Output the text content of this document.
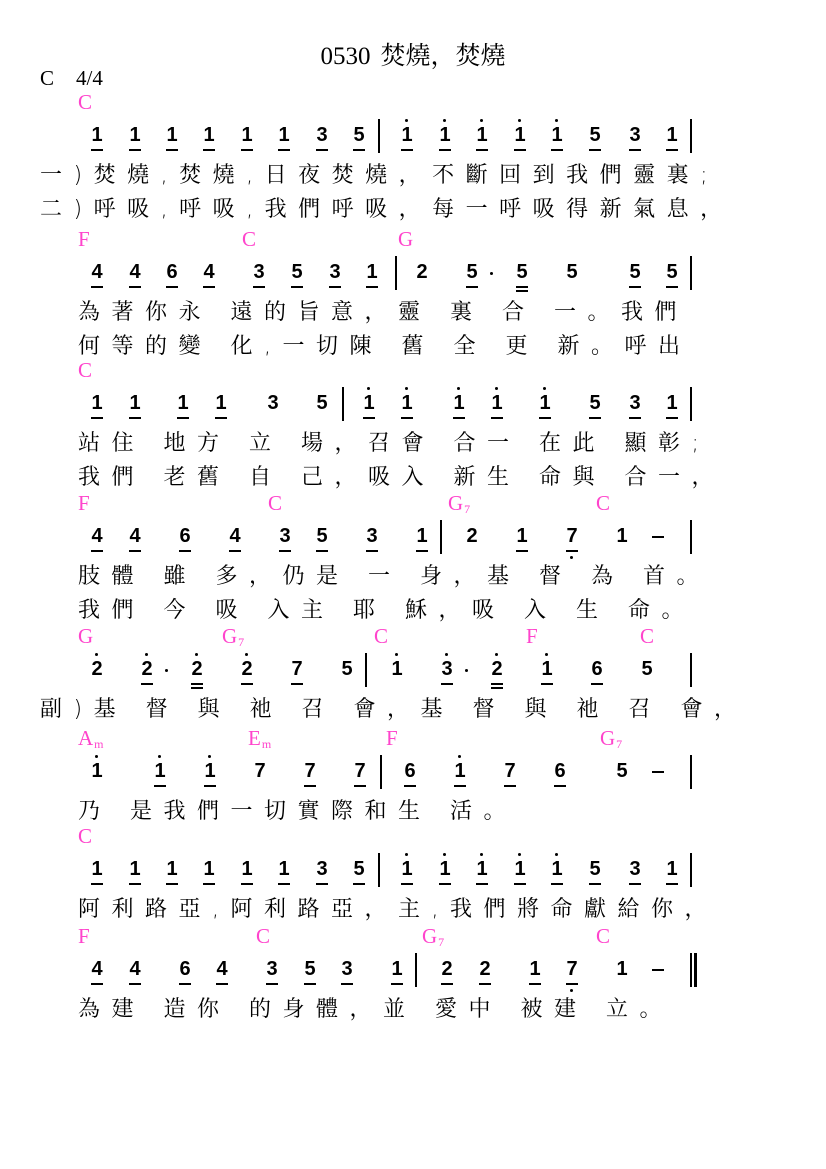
0530 焚燒，焚燒
C 4/4
C
1 1 1 1 1 1 3 5 1 1 1 1 1 5 3 1
一)焚燒,焚燒,日夜焚燒，不斷回到我們靈裏;
二)呼吸,呼吸,我們呼吸，每一呼吸得新氣息，
F	C	G
4 4 6 4 3 5 3 1 2 5 5 5	5 5
為著你永 遠的旨意，靈 裏 合 一。我們
何等的變 化,一切陳 舊 全 更 新。呼出
C
1 1 1 1 3 5 1 1 1 1 1 5 3 1
站住 地方 立 場，召會 合一 在此 顯彰;
我們 老舊 自 己，吸入 新生 命與 合一，
F	C	$G_7$	C
4 4 6 4 3 5 3 1 2 1 7 1
肢體 雖 多，仍是 一 身，基 督 為 首。
我們 今 吸 入主 耶 穌，吸 入 生 命。
G	$G_7$	C	F	C
2 2 2 2 7 5 1 3 2 1 6 5
副)基 督 與 祂 召 會，基 督 與 祂 召 會，
$A_m$	$E_m$	F	$G_7$
1	1 1 7 7 7 6 1 7 6	5
乃 是我們一切實際和生 活。
C
1 1 1 1 1 1 3 5 1 1 1 1 1 5 3 1
阿利路亞,阿利路亞，主,我們將命獻給你，
F	C	$G_7$	C
4 4 6 4 3 5 3 1 2 2 1 7 1
為建 造你 的身體，並 愛中 被建 立。
